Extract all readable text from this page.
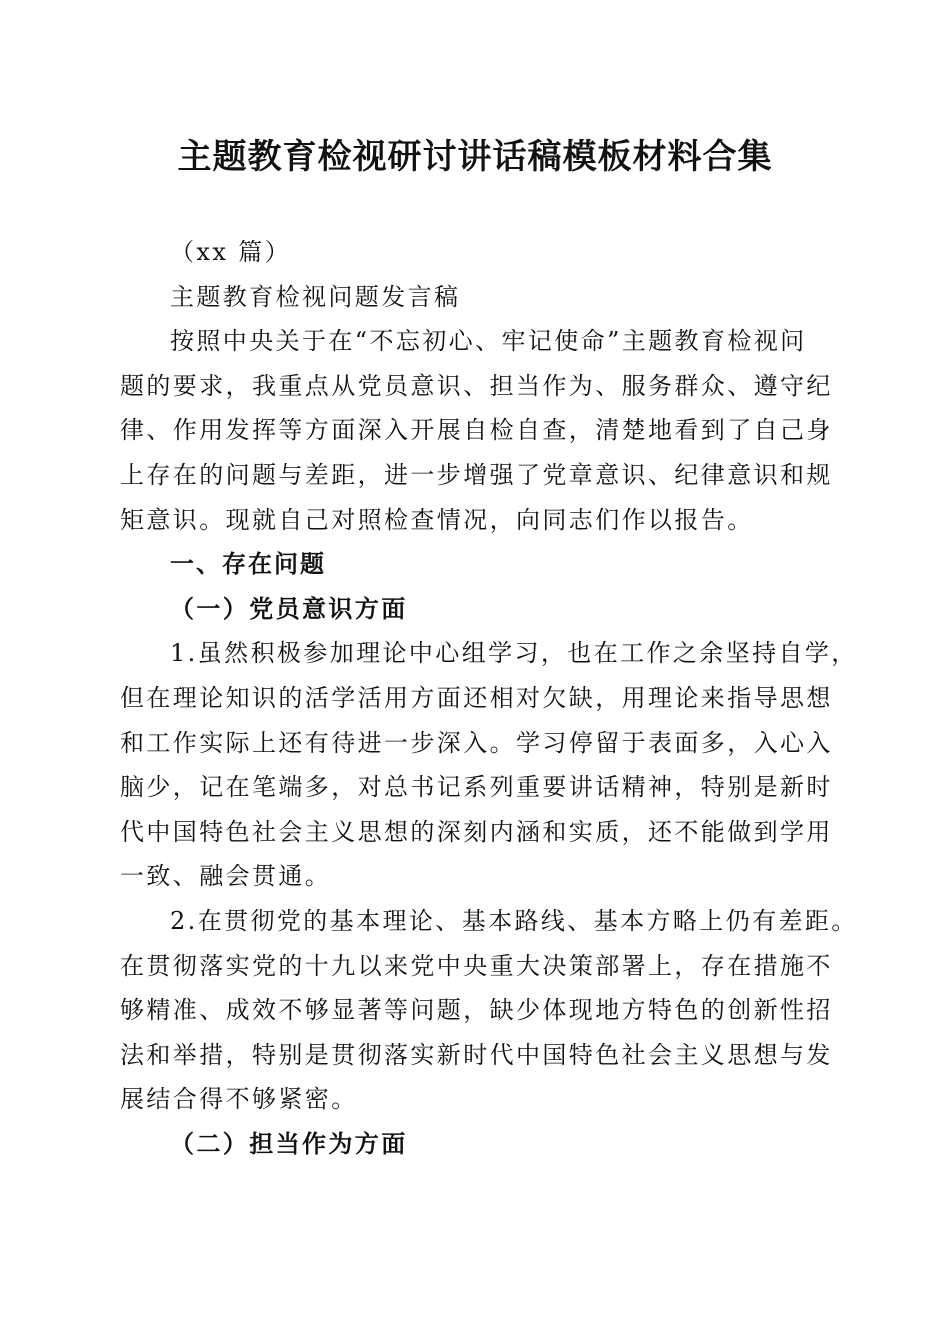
主题教育检视研讨讲话稿模板材料合集
（xx 篇）
主题教育检视问题发言稿
按照中央关于在“不忘初心、牢记使命”主题教育检视问
题的要求，我重点从党员意识、担当作为、服务群众、遵守纪
律、作用发挥等方面深入开展自检自查，清楚地看到了自己身
上存在的问题与差距，进一步增强了党章意识、纪律意识和规
矩意识。现就自己对照检查情况，向同志们作以报告。
一、存在问题
（一）党员意识方面
1.虽然积极参加理论中心组学习，也在工作之余坚持自学，
但在理论知识的活学活用方面还相对欠缺，用理论来指导思想
和工作实际上还有待进一步深入。学习停留于表面多，入心入
脑少，记在笔端多，对总书记系列重要讲话精神，特别是新时
代中国特色社会主义思想的深刻内涵和实质，还不能做到学用
一致、融会贯通。
2.在贯彻党的基本理论、基本路线、基本方略上仍有差距。
在贯彻落实党的十九以来党中央重大决策部署上，存在措施不
够精准、成效不够显著等问题，缺少体现地方特色的创新性招
法和举措，特别是贯彻落实新时代中国特色社会主义思想与发
展结合得不够紧密。
（二）担当作为方面
